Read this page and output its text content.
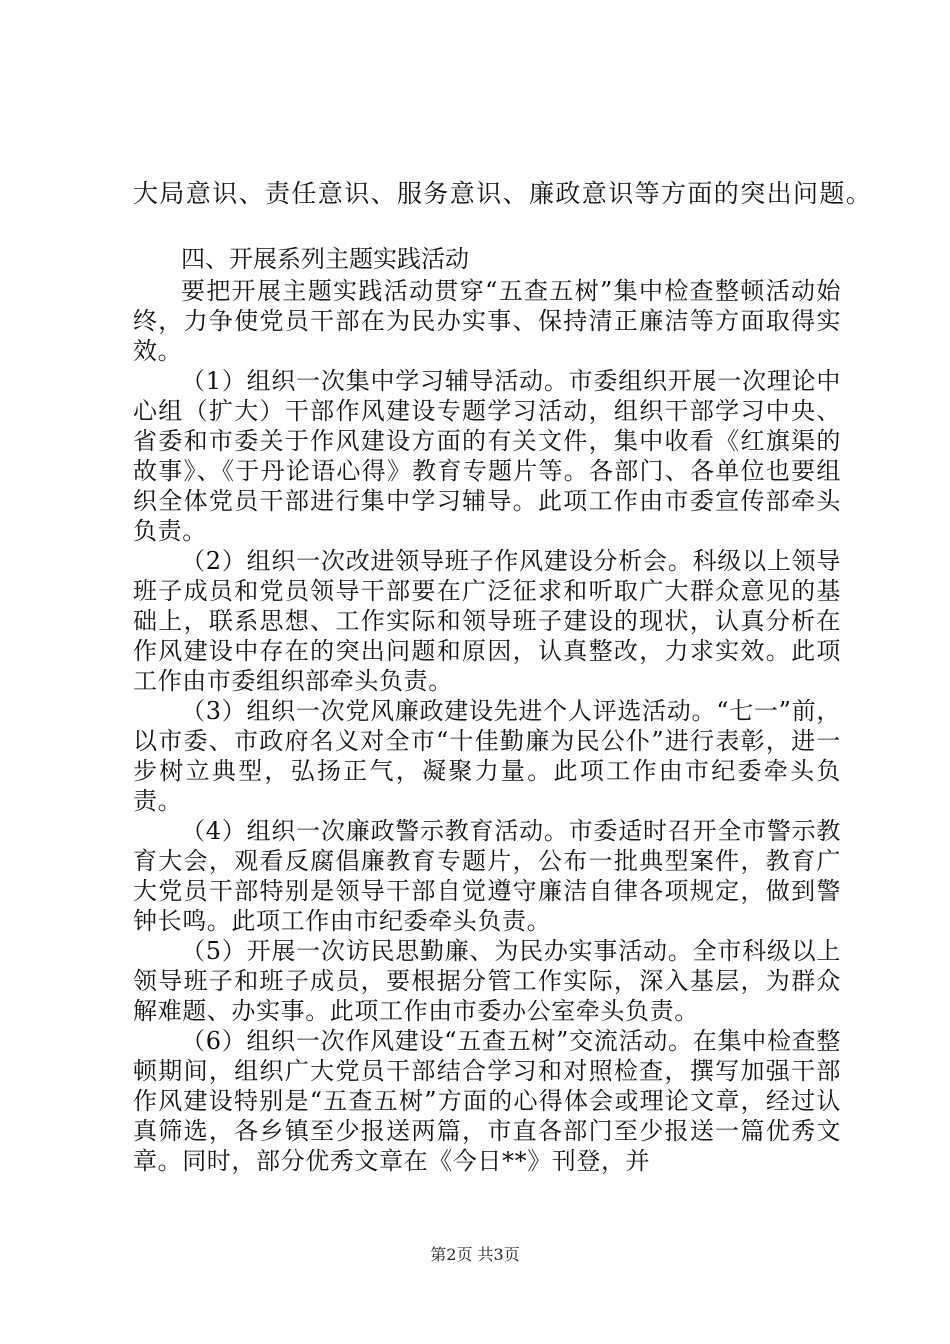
大局意识、责任意识、服务意识、廉政意识等方面的突出问题。

四、开展系列主题实践活动

要把开展主题实践活动贯穿“五查五树”集中检查整顿活动始终，力争使党员干部在为民办实事、保持清正廉洁等方面取得实效。

（1）组织一次集中学习辅导活动。市委组织开展一次理论中心组（扩大）干部作风建设专题学习活动，组织干部学习中央、省委和市委关于作风建设方面的有关文件，集中收看《红旗渠的故事》、《于丹论语心得》教育专题片等。各部门、各单位也要组织全体党员干部进行集中学习辅导。此项工作由市委宣传部牵头负责。

（2）组织一次改进领导班子作风建设分析会。科级以上领导班子成员和党员领导干部要在广泛征求和听取广大群众意见的基础上，联系思想、工作实际和领导班子建设的现状，认真分析在作风建设中存在的突出问题和原因，认真整改，力求实效。此项工作由市委组织部牵头负责。

（3）组织一次党风廉政建设先进个人评选活动。“七一”前，以市委、市政府名义对全市“十佳勤廉为民公仆”进行表彰，进一步树立典型，弘扬正气，凝聚力量。此项工作由市纪委牵头负责。

（4）组织一次廉政警示教育活动。市委适时召开全市警示教育大会，观看反腐倡廉教育专题片，公布一批典型案件，教育广大党员干部特别是领导干部自觉遵守廉洁自律各项规定，做到警钟长鸣。此项工作由市纪委牵头负责。

（5）开展一次访民思勤廉、为民办实事活动。全市科级以上领导班子和班子成员，要根据分管工作实际，深入基层，为群众解难题、办实事。此项工作由市委办公室牵头负责。

（6）组织一次作风建设“五查五树”交流活动。在集中检查整顿期间，组织广大党员干部结合学习和对照检查，撰写加强干部作风建设特别是“五查五树”方面的心得体会或理论文章，经过认真筛选，各乡镇至少报送两篇，市直各部门至少报送一篇优秀文章。同时，部分优秀文章在《今日**》刊登，并

第2页 共3页
